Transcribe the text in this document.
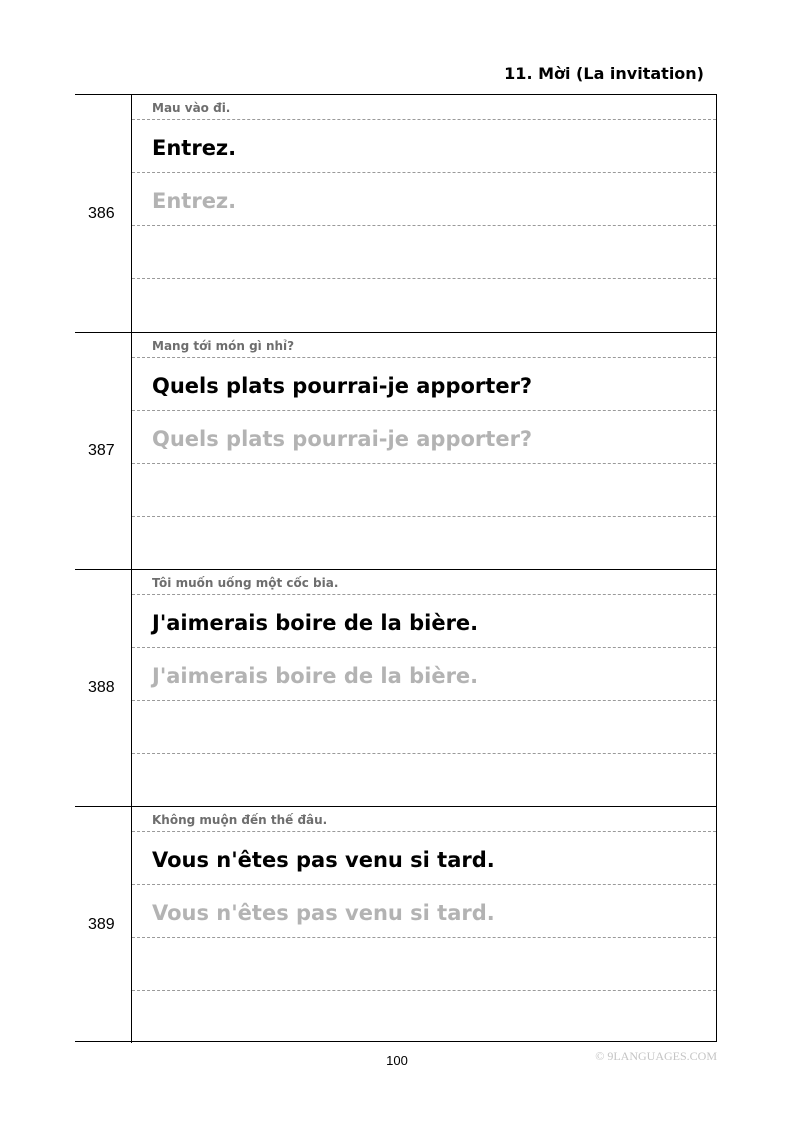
11. Mời (La invitation)
386
Mau vào đi.
Entrez.
Entrez.
387
Mang tới món gì nhỉ?
Quels plats pourrai-je apporter?
Quels plats pourrai-je apporter?
388
Tôi muốn uống một cốc bia.
J'aimerais boire de la bière.
J'aimerais boire de la bière.
389
Không muộn đến thế đâu.
Vous n'êtes pas venu si tard.
Vous n'êtes pas venu si tard.
100	© 9LANGUAGES.COM
